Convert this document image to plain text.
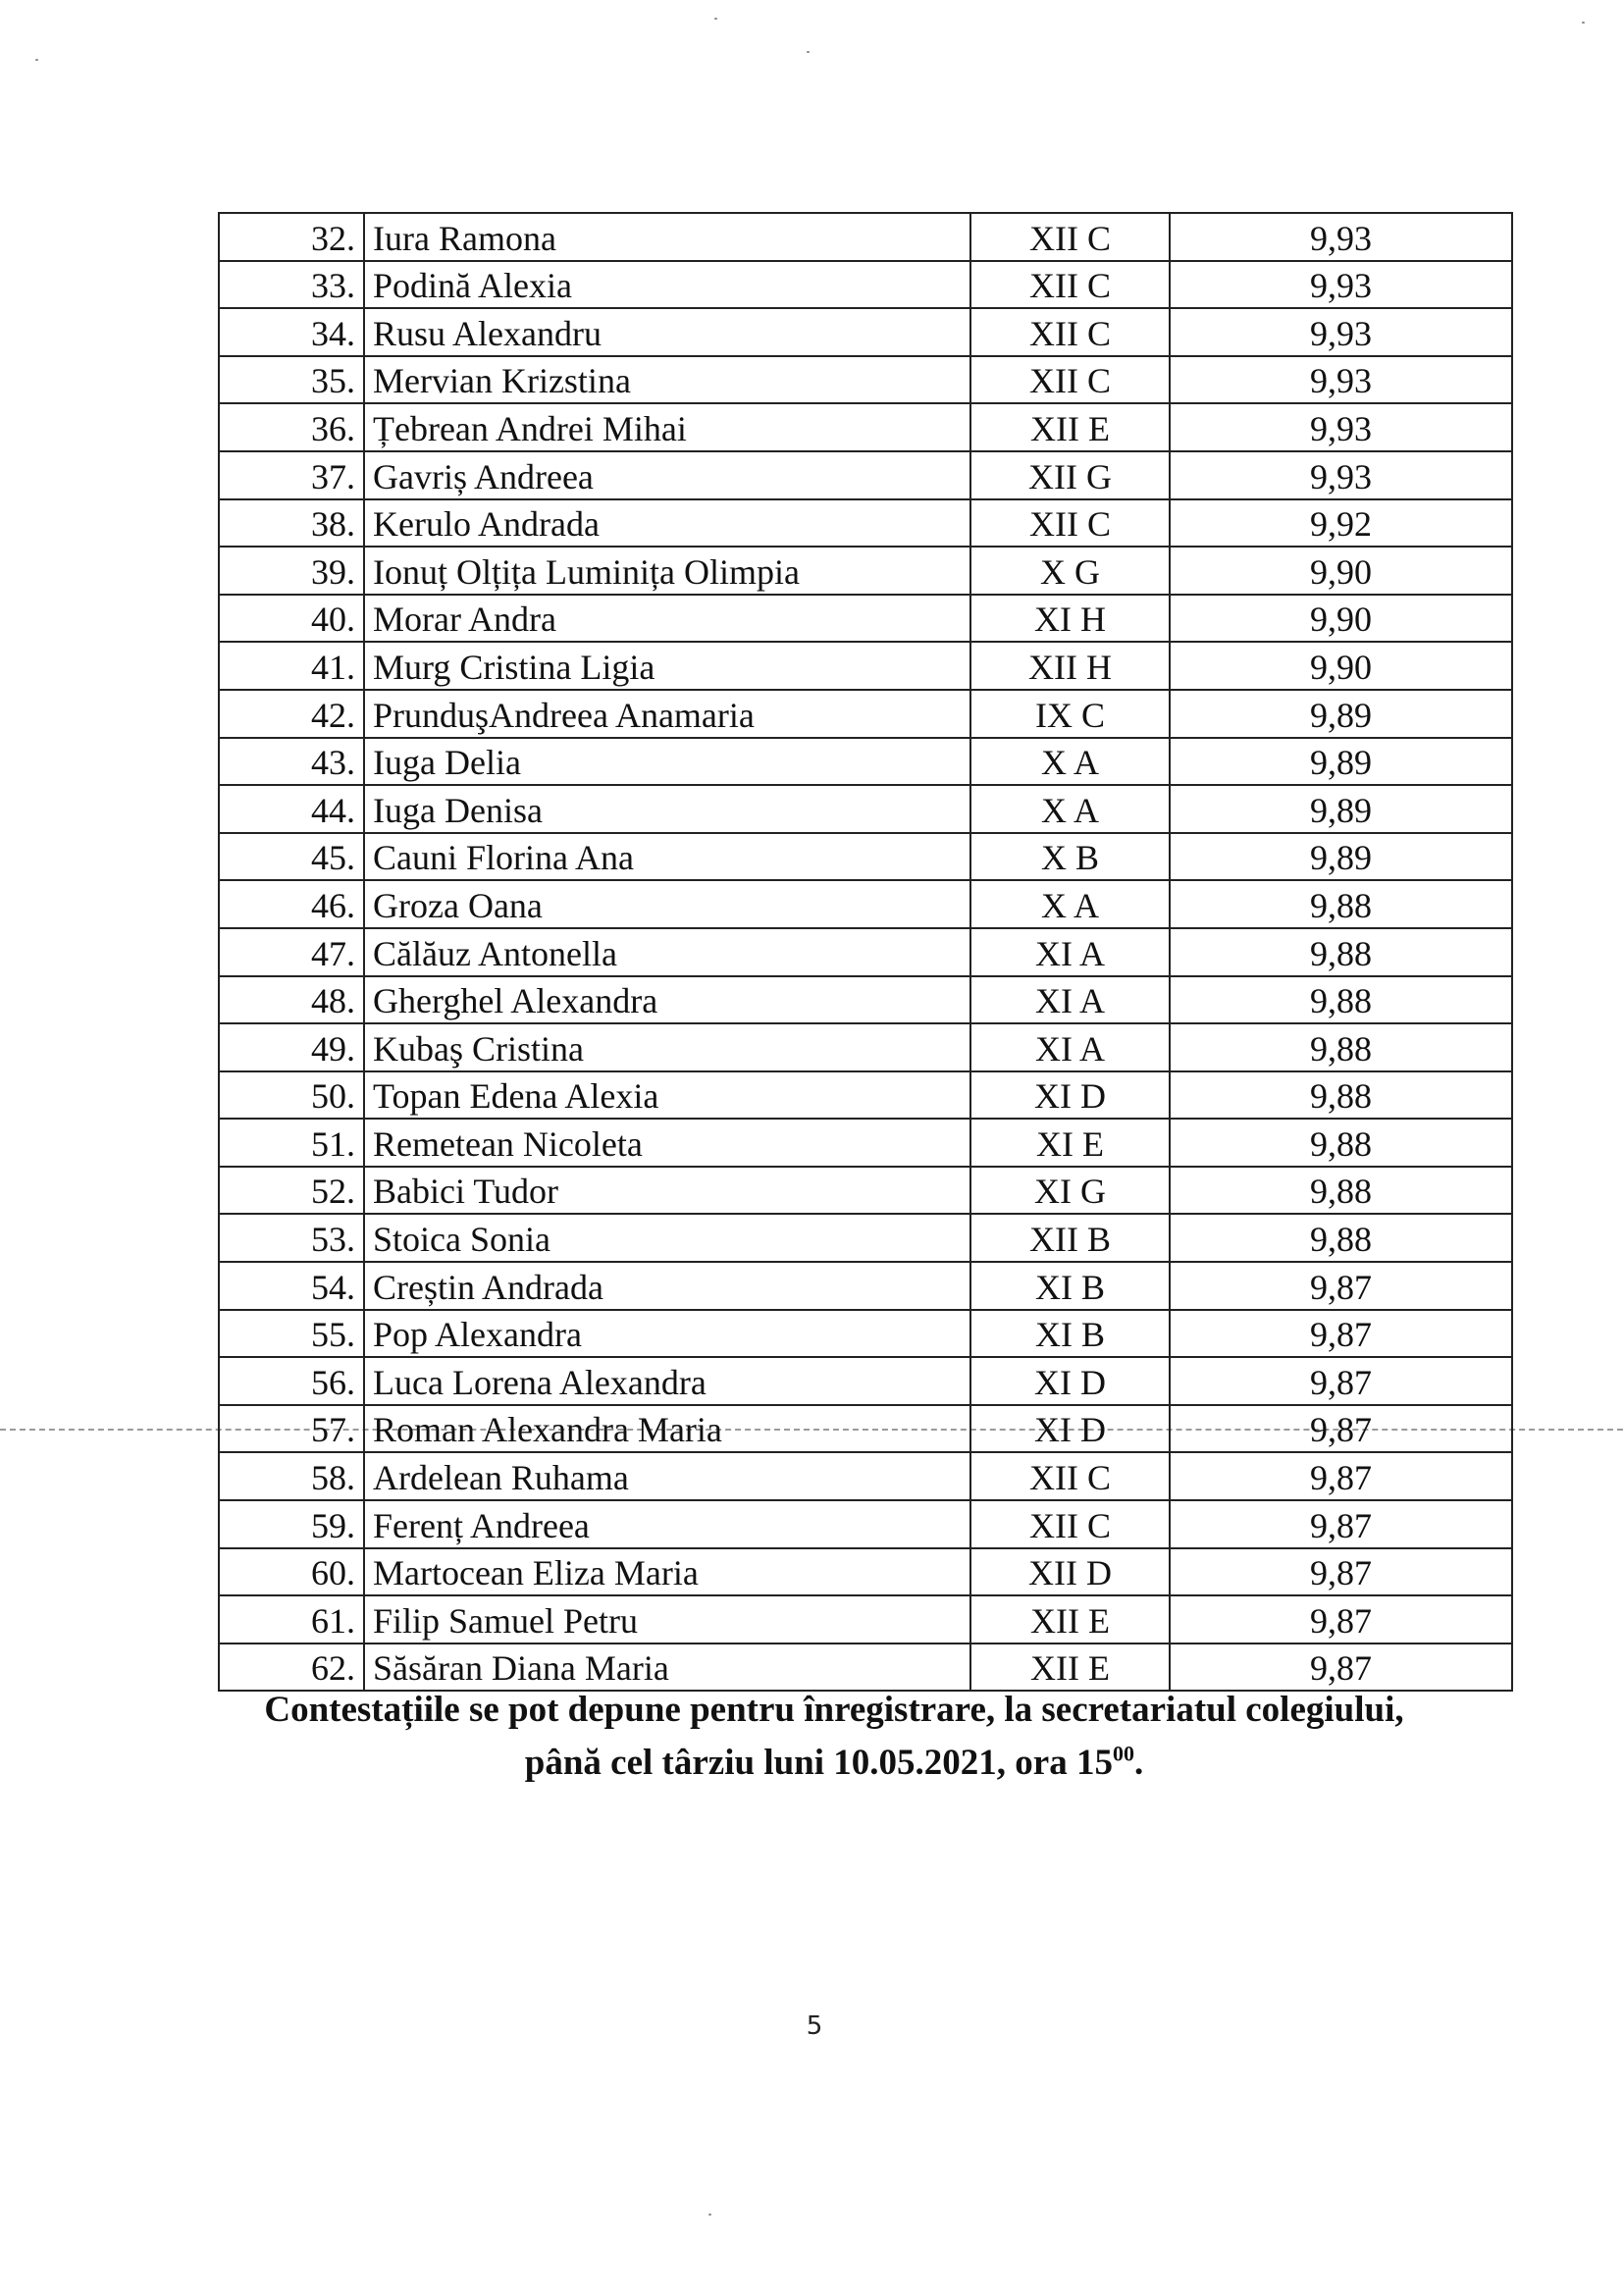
32.	Iura Ramona	XII C	9,93
33.	Podină Alexia	XII C	9,93
34.	Rusu Alexandru	XII C	9,93
35.	Mervian Krizstina	XII C	9,93
36.	Țebrean Andrei Mihai	XII E	9,93
37.	Gavriș Andreea	XII G	9,93
38.	Kerulo Andrada	XII C	9,92
39.	Ionuț Olțița Luminița Olimpia	X G	9,90
40.	Morar Andra	XI H	9,90
41.	Murg Cristina Ligia	XII H	9,90
42.	PrunduşAndreea Anamaria	IX C	9,89
43.	Iuga Delia	X A	9,89
44.	Iuga Denisa	X A	9,89
45.	Cauni Florina Ana	X B	9,89
46.	Groza Oana	X A	9,88
47.	Călăuz Antonella	XI A	9,88
48.	Gherghel Alexandra	XI A	9,88
49.	Kubaş Cristina	XI A	9,88
50.	Topan Edena Alexia	XI D	9,88
51.	Remetean Nicoleta	XI E	9,88
52.	Babici Tudor	XI G	9,88
53.	Stoica Sonia	XII B	9,88
54.	Creștin Andrada	XI B	9,87
55.	Pop Alexandra	XI B	9,87
56.	Luca Lorena Alexandra	XI D	9,87
57.	Roman Alexandra Maria	XI D	9,87
58.	Ardelean Ruhama	XII C	9,87
59.	Ferenț Andreea	XII C	9,87
60.	Martocean Eliza Maria	XII D	9,87
61.	Filip Samuel Petru	XII E	9,87
62.	Săsăran Diana Maria	XII E	9,87
Contestațiile se pot depune pentru înregistrare, la secretariatul colegiului,
până cel târziu luni 10.05.2021, ora $15^{00}$.
5
